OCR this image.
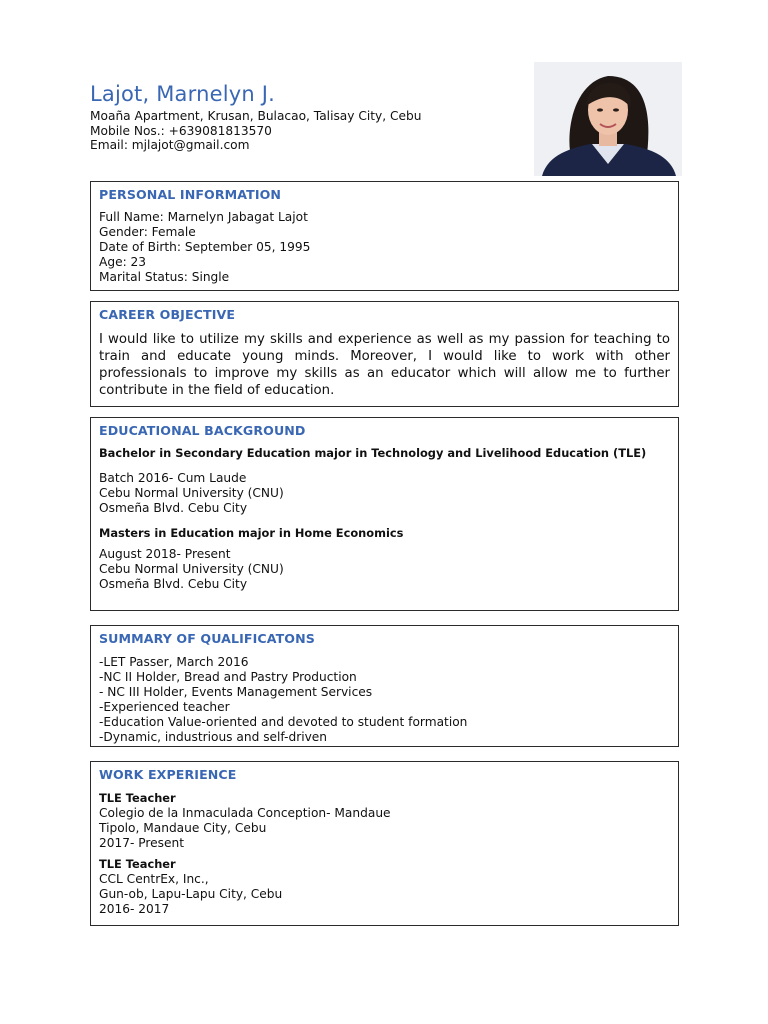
Lajot, Marnelyn J.
Moaña Apartment, Krusan, Bulacao, Talisay City, Cebu
Mobile Nos.: +639081813570
Email: mjlajot@gmail.com
PERSONAL INFORMATION
Full Name: Marnelyn Jabagat Lajot
Gender: Female
Date of Birth: September 05, 1995
Age: 23
Marital Status: Single
CAREER OBJECTIVE
I would like to utilize my skills and experience as well as my passion for teaching to train and educate young minds. Moreover, I would like to work with other professionals to improve my skills as an educator which will allow me to further contribute in the field of education.
EDUCATIONAL BACKGROUND
Bachelor in Secondary Education major in Technology and Livelihood Education (TLE)
Batch 2016- Cum Laude
Cebu Normal University (CNU)
Osmeña Blvd. Cebu City
Masters in Education major in Home Economics
August 2018- Present
Cebu Normal University (CNU)
Osmeña Blvd. Cebu City
SUMMARY OF QUALIFICATONS
-LET Passer, March 2016
-NC II Holder, Bread and Pastry Production
- NC III Holder, Events Management Services
-Experienced teacher
-Education Value-oriented and devoted to student formation
-Dynamic, industrious and self-driven
WORK EXPERIENCE
TLE Teacher
Colegio de la Inmaculada Conception- Mandaue
Tipolo, Mandaue City, Cebu
2017- Present
TLE Teacher
CCL CentrEx, Inc.,
Gun-ob, Lapu-Lapu City, Cebu
2016- 2017
